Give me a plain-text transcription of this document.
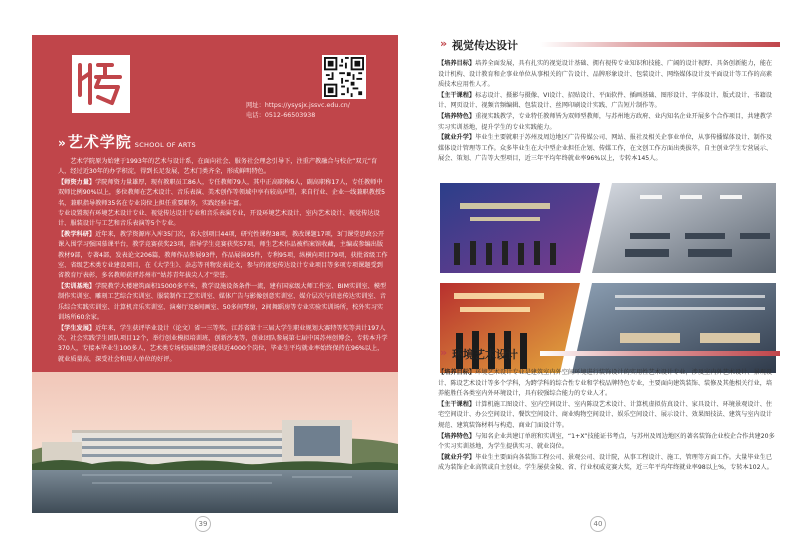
网址：https://ysysjx.jssvc.edu.cn/
电话：0512-66503938
» 艺术学院 SCHOOL OF ARTS

  艺术学院原为始建于1993年的艺术与设计系，在面向社会、服务社会理念引导下，注重产教融合与校企“双元”育人，经过近30年的办学积淀，得到长足发展，艺术门类齐全，形成鲜明特色。

【师资力量】学院师资力量雄厚，现有教职员工86人，专任教师79人，其中正高职称6人，副高职称17人，专任教师中双师比例90%以上，多位教师在艺术设计、音乐表演、美术创作等领域中享有较高声望，来自行业、企业一线兼职教授5名，兼职指导教师35名在专业岗位上担任重要职务，实践经验丰富。

专业设置现有环境艺术设计专业、视觉传达设计专业和音乐表演专业，开设环境艺术设计、室内艺术设计、视觉传达设计、服装设计与工艺和音乐表演等5个专业。

【教学科研】近年来，教学资源库入库35门次，省大创项目44项，研究性课程38项，教改课题17项，3门课堂思政公开课入围学习强国慕课平台，教学竞赛获奖23项，指导学生竞赛获奖57项，师生艺术作品被档案馆收藏，主编或参编出版教材9部，专著4部，发表论文206篇，教师作品参展93件，作品展演95件，专利95项，纵横向项目79项，获批省级工作室、省级艺术类专业建设项目，在《大学生》、杂志等刊物发表论文，参与的视觉传达设计专业项目等多项专项课题受到省教育厅表彰，多名教师获评苏州市“姑苏青年拔尖人才”荣誉。

【实训基地】学院教学大楼建筑面积15000多平米，教学设施设备条件一流，建有国家级大师工作室、BIM实训室、模型制作实训室、雕刻工艺综合实训室、服装制作工艺实训室、媒体广告与影像创意实训室、媒介层次与信息传达实训室、音乐综合实践实训室、计算机音乐实训室、演奏厅及8间画室、50多间琴房，2间舞蹈房等专业实验实训场所，校外实习实训场所60余家。

【学生发展】近年来，学生获评毕业设计（论文）省一三等奖、江苏省第十三届大学生职业规划大赛特等奖等共计197人次，社会实践学生团队项目12个，举行创业模拟培训班，创新沙龙等，创业团队参展第七届中国苏州创博会，专转本升学370人，专接本毕业生100多人，艺术类专场校园招聘会提供近4000个岗位，毕业生平均就业率始终保持在96%以上，就业质量高，深受社会和用人单位的好评。

39
» 视觉传达设计
【培养目标】培养全面发展，具有扎实的视觉设计基础、拥有视传专业知识和技能、广阔的设计视野、具备创新能力，能在设计机构、设计教育和企事业单位从事相关的广告设计、品牌形象设计、包装设计、网络媒体设计及平面设计等工作的高素质技术应用性人才。
【主干课程】标志设计、摄影与摄像、VI设计、招贴设计、平面软件、插画基础、图形设计、字体设计、版式设计、书籍设计、网页设计、视频音频编辑、包装设计、丝网印刷设计实践、广告短片制作等。
【培养特色】重视实践教学，专业特任教师皆为双师型教师，与苏州地方政府、业内知名企业开展多个合作项目，共建教学实习实训基地，提升学生的专业实践能力。
【就业升学】毕业生主要就职于苏州及周边地区广告传媒公司、网站、报社及相关企事业单位，从事传播媒体设计、制作及媒体设计管理等工作。众多毕业生在大中型企业担任企划、传媒工作，在文创工作方面出类拔萃，自主创业学生专营展示、展会、策划、广告等大型项目，近三年平均年终就业率96%以上，专转本145人。
» 环境艺术设计
【培养目标】环境艺术设计专业是建筑室内外空间环境进行装饰设计的实用性艺术设计专业，涉及室内外艺术设计、景观设计、陈设艺术设计等多个学科，为跨学科的综合性专业和学校品牌特色专业，主要面向建筑装饰、装修及其他相关行业，培养能胜任各类室内外环境设计，具有较强综合能力的专业人才。
【主干课程】计算机施工图设计、室内空间设计、室内陈设艺术设计、计算机虚拟仿真设计、家具设计、环境景观设计、住宅空间设计、办公空间设计、餐饮空间设计、商业购物空间设计、娱乐空间设计、展示设计、效果图技法、建筑与室内设计规范、建筑装饰材料与构造、商业门面设计等。
【培养特色】与知名企业共建订单班和实训室，“1+X”技能证书考点，与苏州及周边地区的著名装饰企业校企合作共建20多个实习实训基地，为学生提供实习、就业岗位。
【就业升学】毕业生主要面向各装饰工程公司、景观公司、设计院，从事工程设计、施工、管理等方面工作。大量毕业生已成为装饰企业高管或自主创业。学生屡获金陵、省、行业权威竞赛大奖，近三年平均年终就业率98以上%，专转本102人。
40
